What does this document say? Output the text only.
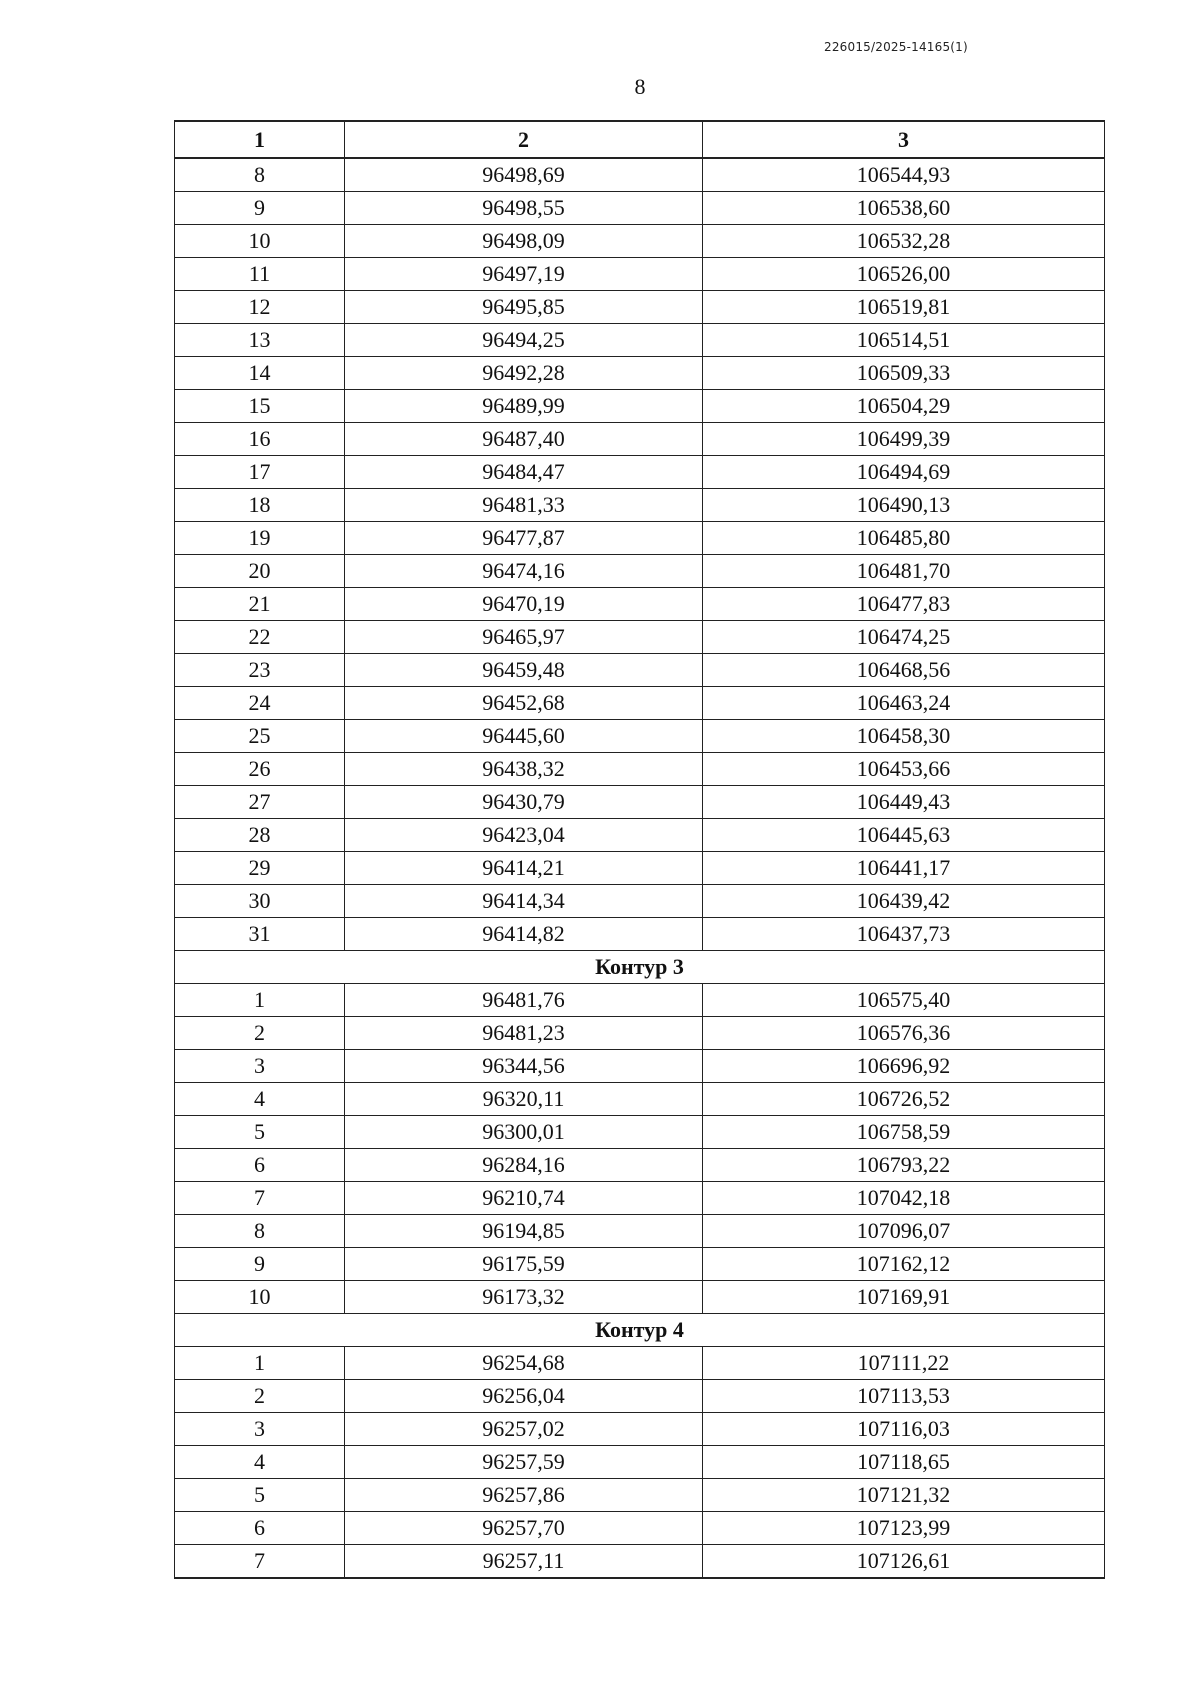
226015/2025-14165(1)
8
1	2	3
8	96498,69	106544,93
9	96498,55	106538,60
10	96498,09	106532,28
11	96497,19	106526,00
12	96495,85	106519,81
13	96494,25	106514,51
14	96492,28	106509,33
15	96489,99	106504,29
16	96487,40	106499,39
17	96484,47	106494,69
18	96481,33	106490,13
19	96477,87	106485,80
20	96474,16	106481,70
21	96470,19	106477,83
22	96465,97	106474,25
23	96459,48	106468,56
24	96452,68	106463,24
25	96445,60	106458,30
26	96438,32	106453,66
27	96430,79	106449,43
28	96423,04	106445,63
29	96414,21	106441,17
30	96414,34	106439,42
31	96414,82	106437,73
Контур 3		
1	96481,76	106575,40
2	96481,23	106576,36
3	96344,56	106696,92
4	96320,11	106726,52
5	96300,01	106758,59
6	96284,16	106793,22
7	96210,74	107042,18
8	96194,85	107096,07
9	96175,59	107162,12
10	96173,32	107169,91
Контур 4		
1	96254,68	107111,22
2	96256,04	107113,53
3	96257,02	107116,03
4	96257,59	107118,65
5	96257,86	107121,32
6	96257,70	107123,99
7	96257,11	107126,61
